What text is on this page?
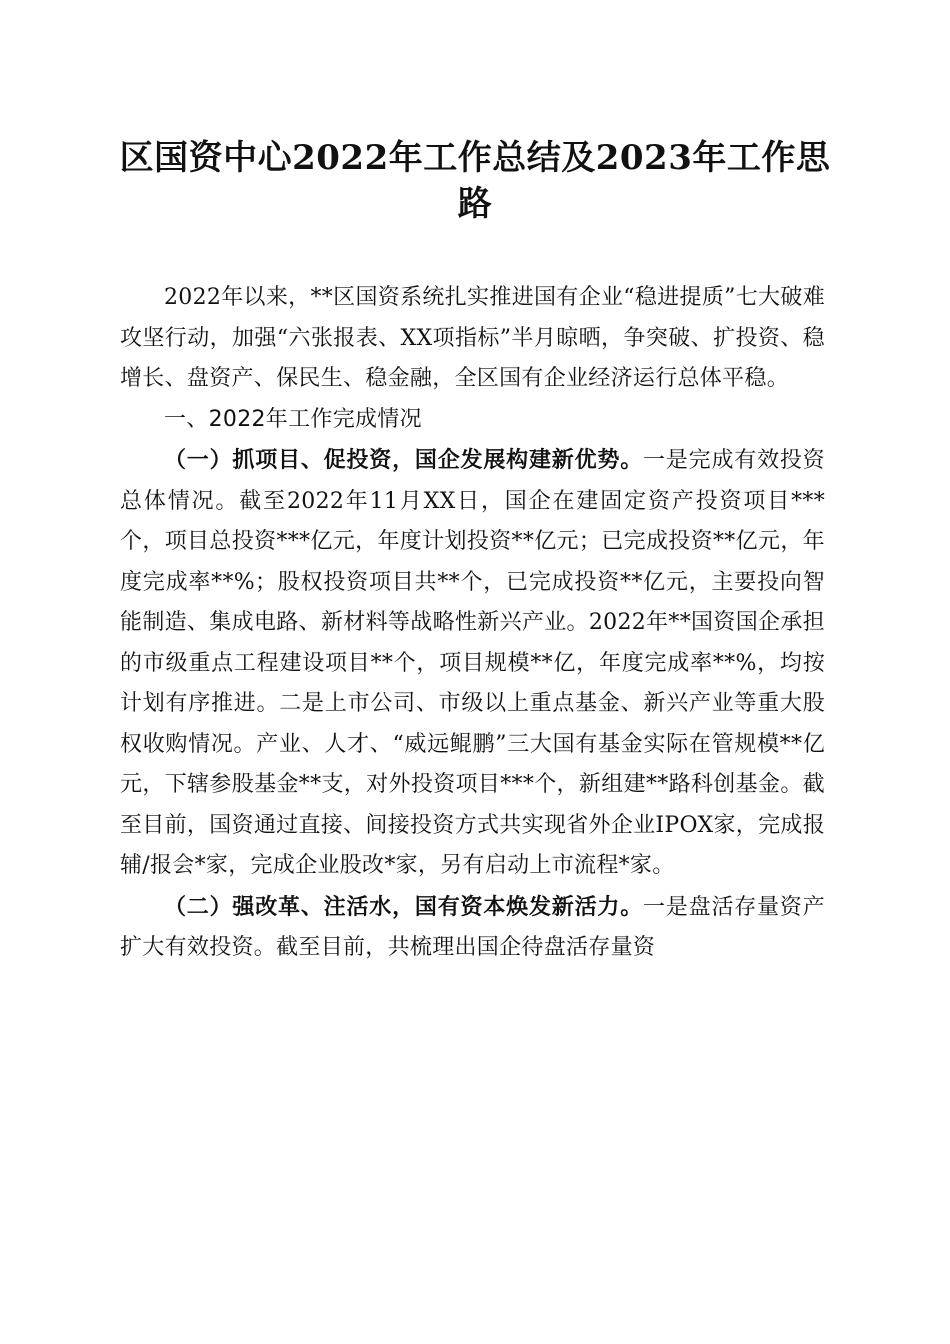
区国资中心2022年工作总结及2023年工作思路

2022年以来，**区国资系统扎实推进国有企业“稳进提质”七大破难攻坚行动，加强“六张报表、XX项指标”半月晾晒，争突破、扩投资、稳增长、盘资产、保民生、稳金融，全区国有企业经济运行总体平稳。

一、2022年工作完成情况

（一）抓项目、促投资，国企发展构建新优势。一是完成有效投资总体情况。截至2022年11月XX日，国企在建固定资产投资项目***个，项目总投资***亿元，年度计划投资**亿元；已完成投资**亿元，年度完成率**%；股权投资项目共**个，已完成投资**亿元，主要投向智能制造、集成电路、新材料等战略性新兴产业。2022年**国资国企承担的市级重点工程建设项目**个，项目规模**亿，年度完成率**%，均按计划有序推进。二是上市公司、市级以上重点基金、新兴产业等重大股权收购情况。产业、人才、“威远鲲鹏”三大国有基金实际在管规模**亿元，下辖参股基金**支，对外投资项目***个，新组建**路科创基金。截至目前，国资通过直接、间接投资方式共实现省外企业IPOX家，完成报辅/报会*家，完成企业股改*家，另有启动上市流程*家。

（二）强改革、注活水，国有资本焕发新活力。一是盘活存量资产扩大有效投资。截至目前，共梳理出国企待盘活存量资
